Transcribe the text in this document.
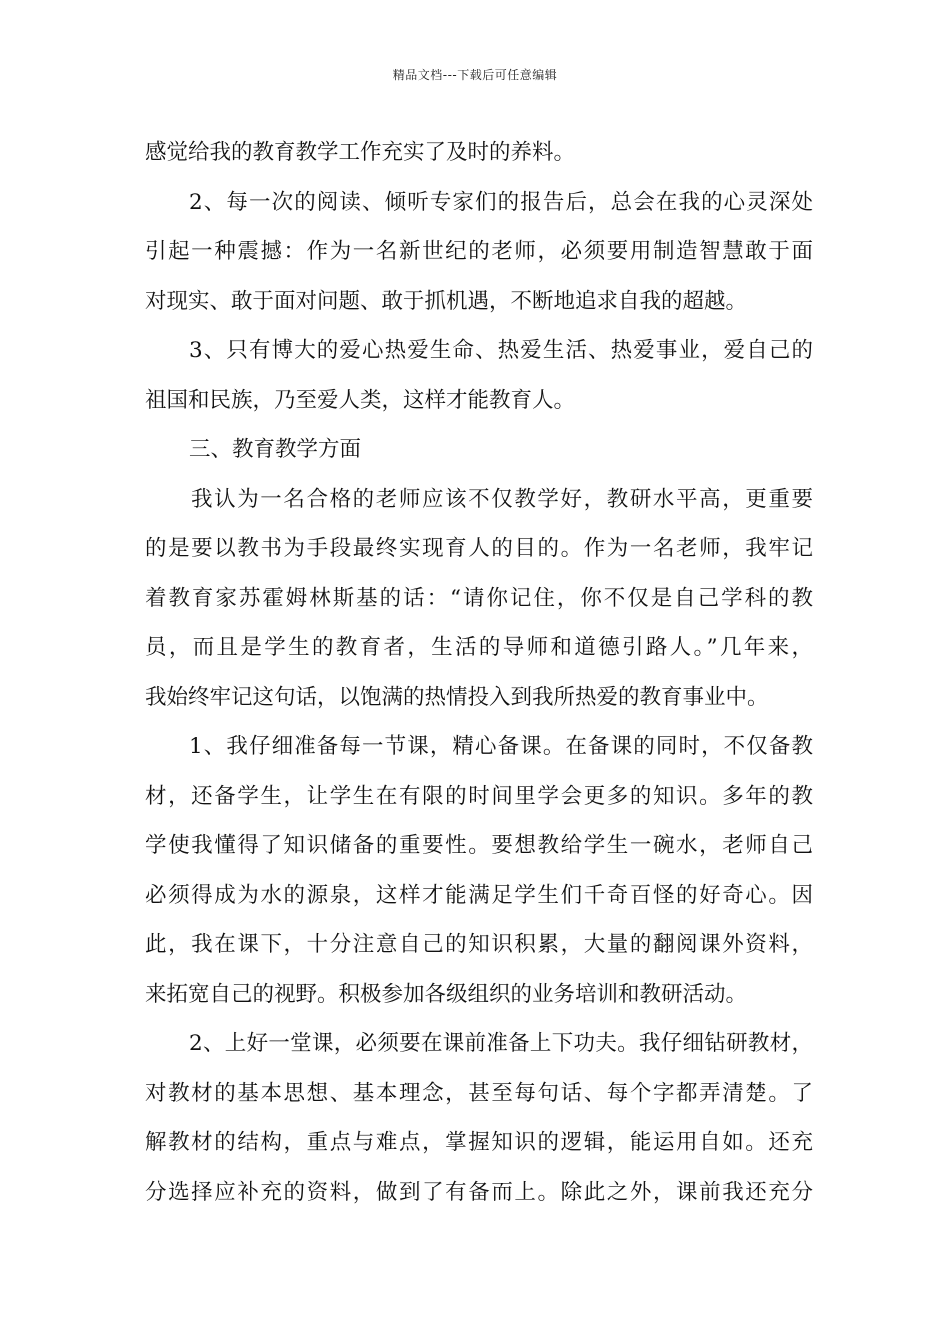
精品文档---下载后可任意编辑
感觉给我的教育教学工作充实了及时的养料。
2、每一次的阅读、倾听专家们的报告后，总会在我的心灵深处
引起一种震撼：作为一名新世纪的老师，必须要用制造智慧敢于面
对现实、敢于面对问题、敢于抓机遇，不断地追求自我的超越。
3、只有博大的爱心热爱生命、热爱生活、热爱事业，爱自己的
祖国和民族，乃至爱人类，这样才能教育人。
三、教育教学方面
我认为一名合格的老师应该不仅教学好，教研水平高，更重要
的是要以教书为手段最终实现育人的目的。作为一名老师，我牢记
着教育家苏霍姆林斯基的话：“请你记住，你不仅是自己学科的教
员，而且是学生的教育者，生活的导师和道德引路人。”几年来，
我始终牢记这句话，以饱满的热情投入到我所热爱的教育事业中。
1、我仔细准备每一节课，精心备课。在备课的同时，不仅备教
材，还备学生，让学生在有限的时间里学会更多的知识。多年的教
学使我懂得了知识储备的重要性。要想教给学生一碗水，老师自己
必须得成为水的源泉，这样才能满足学生们千奇百怪的好奇心。因
此，我在课下，十分注意自己的知识积累，大量的翻阅课外资料，
来拓宽自己的视野。积极参加各级组织的业务培训和教研活动。
2、上好一堂课，必须要在课前准备上下功夫。我仔细钻研教材，
对教材的基本思想、基本理念，甚至每句话、每个字都弄清楚。了
解教材的结构，重点与难点，掌握知识的逻辑，能运用自如。还充
分选择应补充的资料，做到了有备而上。除此之外，课前我还充分
